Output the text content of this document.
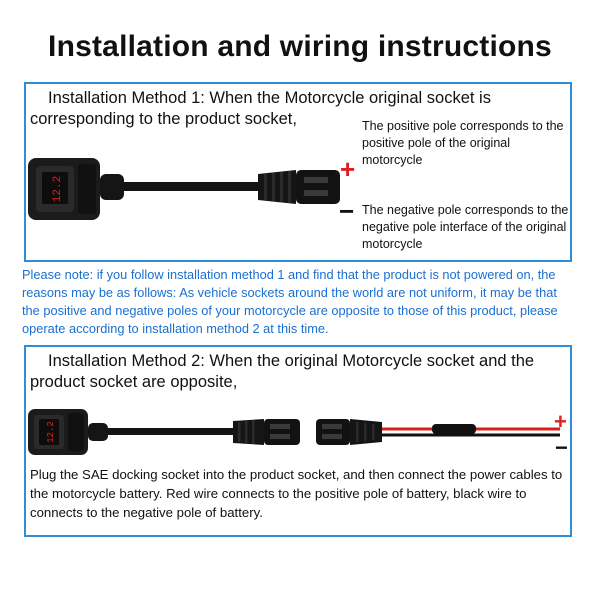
Installation and wiring instructions
Installation Method 1: When the Motorcycle original socket is corresponding to the product socket,
12.2
+
−
The positive pole corresponds to the positive pole of the original motorcycle
The negative pole corresponds to the negative pole interface of the original motorcycle
Please note: if you follow installation method 1 and find that the product is not powered on, the reasons may be as follows: As vehicle sockets around the world are not uniform, it may be that the positive and negative poles of your motorcycle are opposite to those of this product, please operate according to installation method 2 at this time.
Installation Method 2: When the original Motorcycle socket and the product socket are opposite,
12.2	+
−
Plug the SAE docking socket into the product socket, and then connect the power cables to the motorcycle battery. Red wire connects to the positive pole of battery, black wire to connects to the negative pole of battery.
